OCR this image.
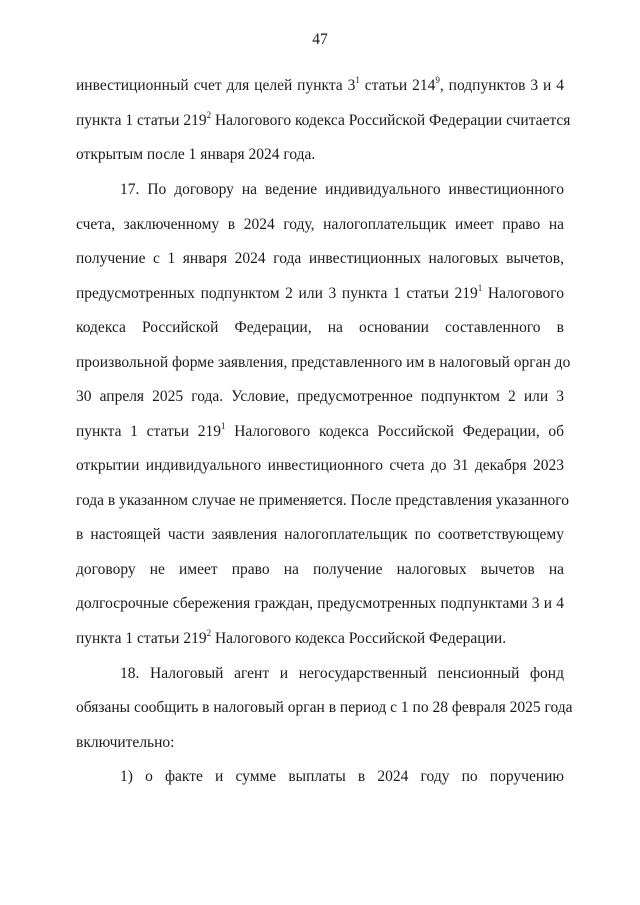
47
инвестиционный счет для целей пункта $3^1$ статьи $214^9$, подпунктов 3 и 4
пункта 1 статьи $219^2$ Налогового кодекса Российской Федерации считается
открытым после 1 января 2024 года.
17. По договору на ведение индивидуального инвестиционного
счета, заключенному в 2024 году, налогоплательщик имеет право на
получение с 1 января 2024 года инвестиционных налоговых вычетов,
предусмотренных подпунктом 2 или 3 пункта 1 статьи $219^1$ Налогового
кодекса Российской Федерации, на основании составленного в
произвольной форме заявления, представленного им в налоговый орган до
30 апреля 2025 года. Условие, предусмотренное подпунктом 2 или 3
пункта 1 статьи $219^1$ Налогового кодекса Российской Федерации, об
открытии индивидуального инвестиционного счета до 31 декабря 2023
года в указанном случае не применяется. После представления указанного
в настоящей части заявления налогоплательщик по соответствующему
договору не имеет право на получение налоговых вычетов на
долгосрочные сбережения граждан, предусмотренных подпунктами 3 и 4
пункта 1 статьи $219^2$ Налогового кодекса Российской Федерации.
18. Налоговый агент и негосударственный пенсионный фонд
обязаны сообщить в налоговый орган в период с 1 по 28 февраля 2025 года
включительно:
1) о факте и сумме выплаты в 2024 году по поручению
